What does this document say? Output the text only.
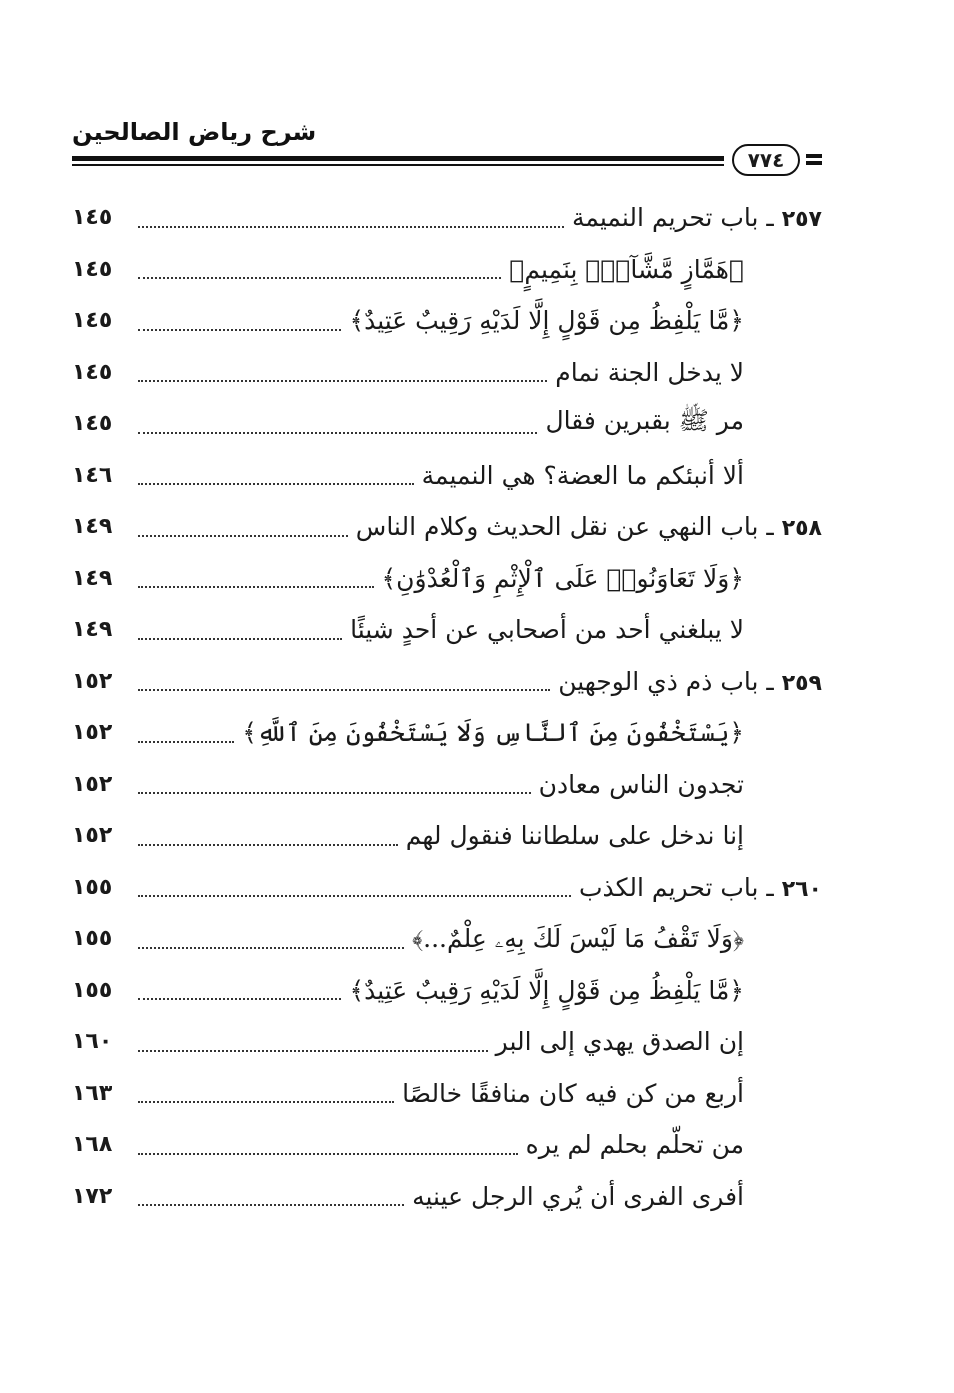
شرح رياض الصالحين
٧٧٤
١٤٥	٢٥٧ ـ باب تحريم النميمة
١٤٥	﴿هَمَّازٍ مَّشَّآءِۭ بِنَمِيمٍ﴾
١٤٥	﴿مَّا يَلْفِظُ مِن قَوْلٍ إِلَّا لَدَيْهِ رَقِيبٌ عَتِيدٌ﴾
١٤٥	لا يدخل الجنة نمام
١٤٥	مر ﷺ بقبرين فقال
١٤٦	ألا أنبئكم ما العضة؟ هي النميمة
١٤٩	٢٥٨ ـ باب النهي عن نقل الحديث وكلام الناس
١٤٩	﴿وَلَا تَعَاوَنُوا۟ عَلَى ٱلْإِثْمِ وَٱلْعُدْوَٰنِ﴾
١٤٩	لا يبلغني أحد من أصحابي عن أحدٍ شيئًا
١٥٢	٢٥٩ ـ باب ذم ذي الوجهين
١٥٢	﴿يَسْتَخْفُونَ مِنَ ٱلنَّاسِ وَلَا يَسْتَخْفُونَ مِنَ ٱللَّهِ﴾
١٥٢	تجدون الناس معادن
١٥٢	إنا ندخل على سلطاننا فنقول لهم
١٥٥	٢٦٠ ـ باب تحريم الكذب
١٥٥	﴿وَلَا تَقْفُ مَا لَيْسَ لَكَ بِهِۦ عِلْمٌ...﴾
١٥٥	﴿مَّا يَلْفِظُ مِن قَوْلٍ إِلَّا لَدَيْهِ رَقِيبٌ عَتِيدٌ﴾
١٦٠	إن الصدق يهدي إلى البر
١٦٣	أربع من كن فيه كان منافقًا خالصًا
١٦٨	من تحلّم بحلم لم يره
١٧٢	أفرى الفرى أن يُري الرجل عينيه
